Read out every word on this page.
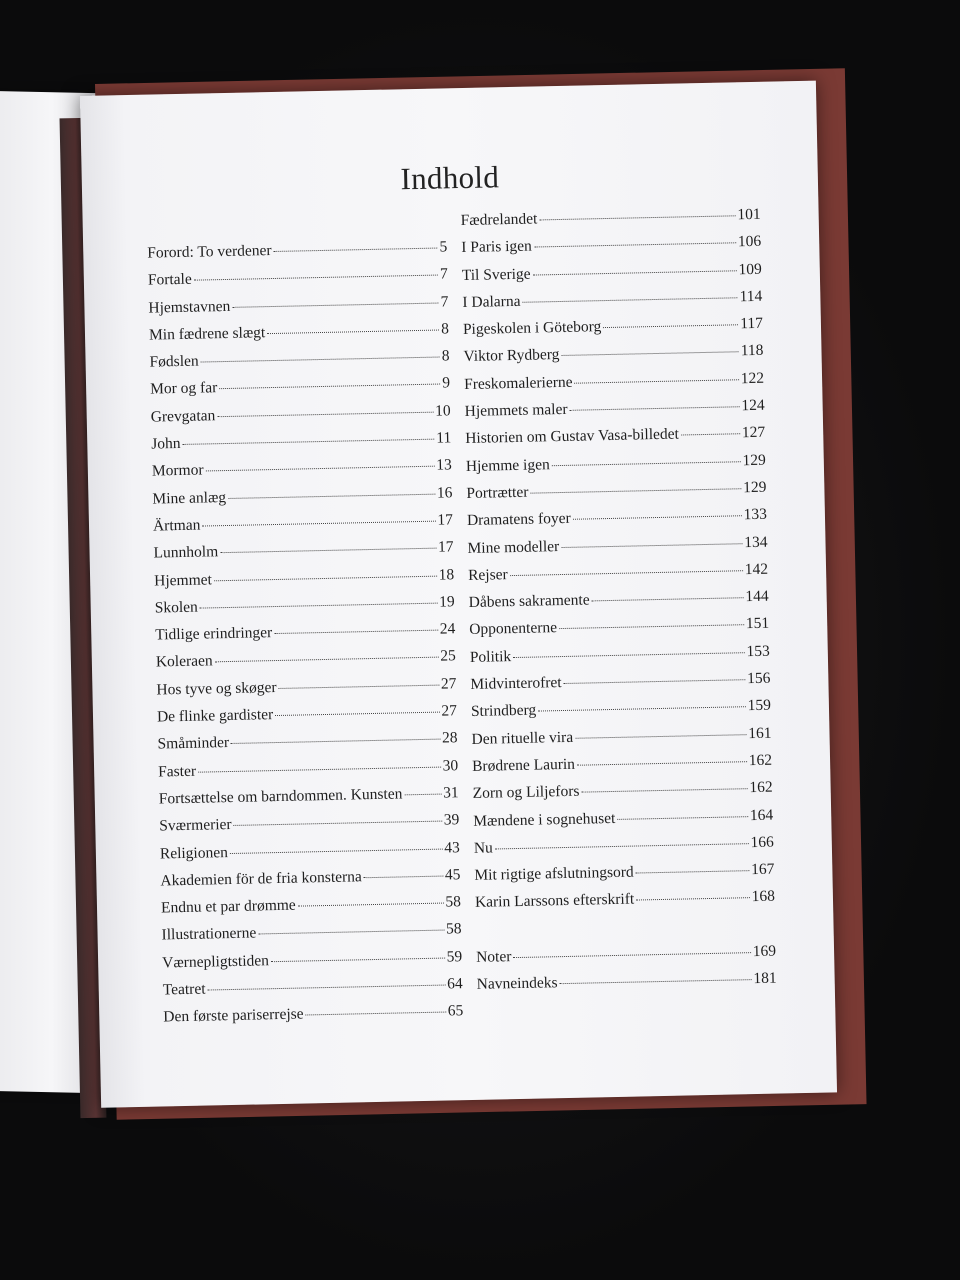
Indhold
Forord: To verdener	5
Fortale	7
Hjemstavnen	7
Min fædrene slægt	8
Fødslen	8
Mor og far	9
Grevgatan	10
John	11
Mormor	13
Mine anlæg	16
Ärtman	17
Lunnholm	17
Hjemmet	18
Skolen	19
Tidlige erindringer	24
Koleraen	25
Hos tyve og skøger	27
De flinke gardister	27
Småminder	28
Faster	30
Fortsættelse om barndommen. Kunsten	31
Sværmerier	39
Religionen	43
Akademien för de fria konsterna	45
Endnu et par drømme	58
Illustrationerne	58
Værnepligtstiden	59
Teatret	64
Den første pariserrejse	65
Fædrelandet	101
I Paris igen	106
Til Sverige	109
I Dalarna	114
Pigeskolen i Göteborg	117
Viktor Rydberg	118
Freskomalerierne	122
Hjemmets maler	124
Historien om Gustav Vasa-billedet	127
Hjemme igen	129
Portrætter	129
Dramatens foyer	133
Mine modeller	134
Rejser	142
Dåbens sakramente	144
Opponenterne	151
Politik	153
Midvinterofret	156
Strindberg	159
Den rituelle vira	161
Brødrene Laurin	162
Zorn og Liljefors	162
Mændene i sognehuset	164
Nu	166
Mit rigtige afslutningsord	167
Karin Larssons efterskrift	168
Noter	169
Navneindeks	181
